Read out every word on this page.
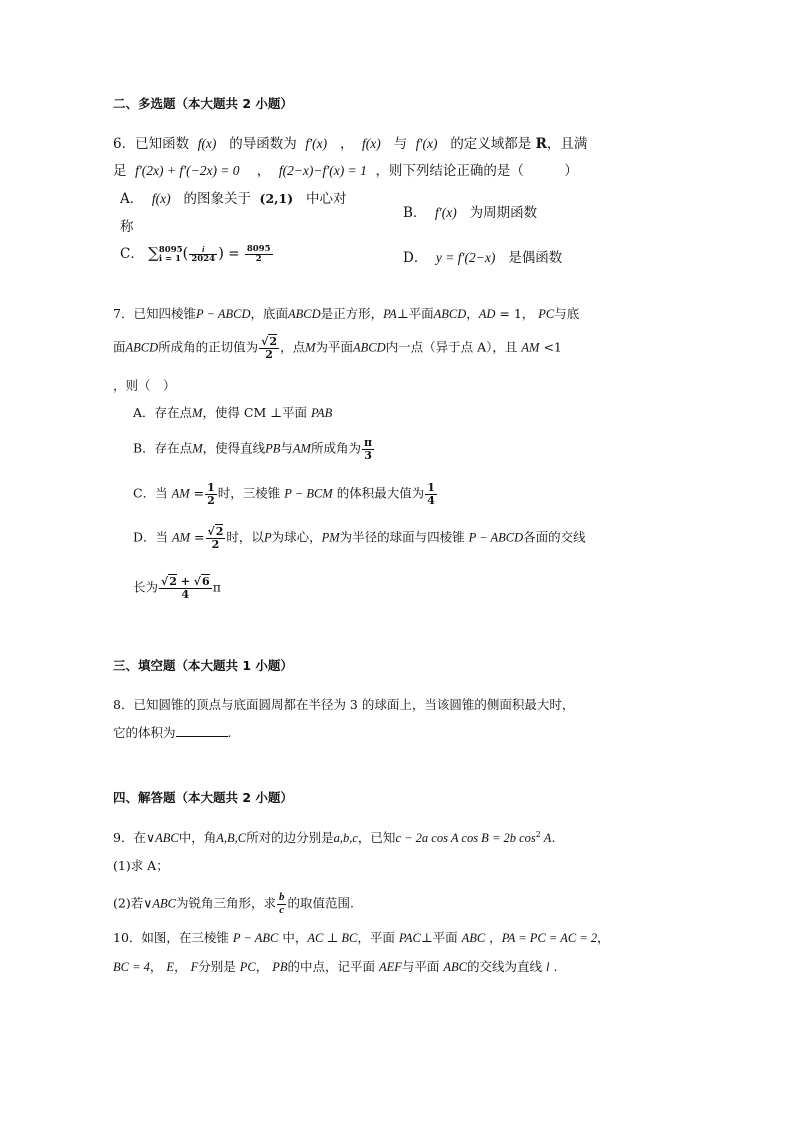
二、多选题（本大题共 2 小题）
6．已知函数 f(x) 的导函数为 f′(x) ， f(x) 与 f′(x) 的定义域都是 R，且满
足 f′(2x) + f′(−2x) = 0 ， f(2−x)−f′(x) = 1 ，则下列结论正确的是（　　　）
A． f(x) 的图象关于 (2,1) 中心对
称
B． f′(x) 为周期函数
C． ∑ 8095
i = 1 ( $\frac{i}{2024}$ ) = $\frac{8095}{2}$	D． y = f′(2−x) 是偶函数
7．已知四棱锥P − ABCD，底面ABCD是正方形，PA⊥平面ABCD，AD = 1， PC与底
面ABCD所成角的正切值为 $\frac{√2}{2}$ ，点M为平面ABCD内一点（异于点 A），且 AM <1
，则（　）
A．存在点M，使得 CM ⊥平面 PAB
B．存在点M，使得直线PB与AM所成角为 $\frac{\pi}{3}$
C．当 AM = $\frac{1}{2}$ 时，三棱锥 P − BCM 的体积最大值为 $\frac{1}{4}$
D．当 AM = $\frac{√2}{2}$ 时，以P为球心，PM为半径的球面与四棱锥 P − ABCD各面的交线
长为 $\frac{√2 + √6}{4}$ π
三、填空题（本大题共 1 小题）
8．已知圆锥的顶点与底面圆周都在半径为 3 的球面上，当该圆锥的侧面积最大时，
它的体积为	.
四、解答题（本大题共 2 小题）
9．在∨ABC中，角A,B,C所对的边分别是a,b,c，已知c − 2a cos A cos B = 2b $\cos^2 A$.
(1)求 A；
(2)若∨ABC为锐角三角形，求 $\frac{b}{c}$ 的取值范围.
10．如图，在三棱锥 P − ABC 中，AC ⊥ BC，平面 PAC⊥平面 ABC ，PA = PC = AC = 2，
BC = 4， E， F分别是 PC， PB的中点，记平面 AEF与平面 ABC的交线为直线 l .
